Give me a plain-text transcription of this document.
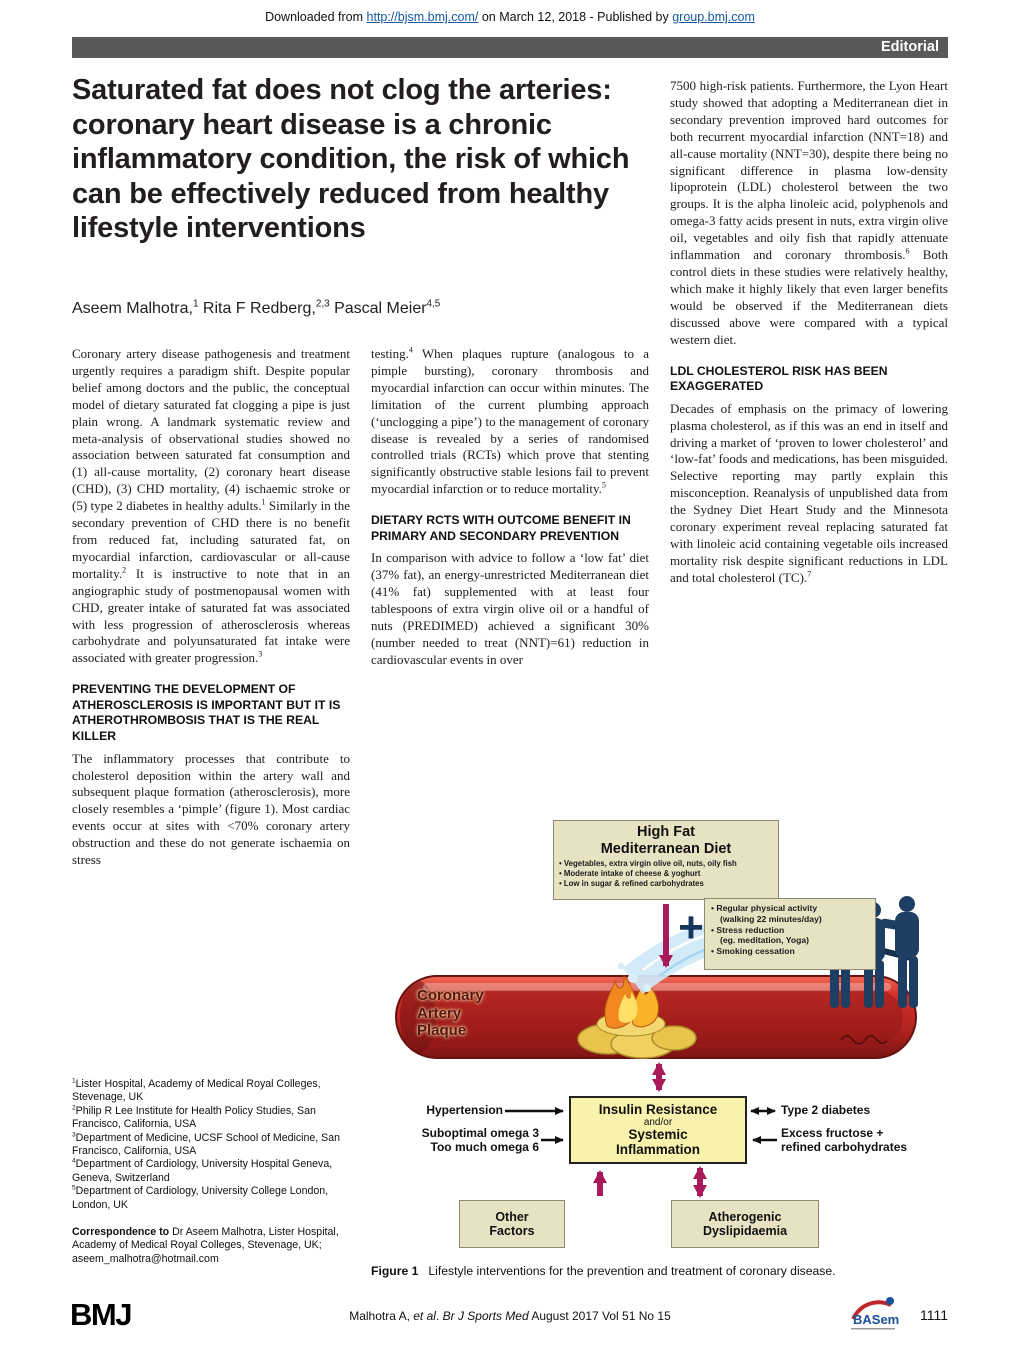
Downloaded from http://bjsm.bmj.com/ on March 12, 2018 - Published by group.bmj.com
Editorial
Saturated fat does not clog the arteries: coronary heart disease is a chronic inflammatory condition, the risk of which can be effectively reduced from healthy lifestyle interventions
Aseem Malhotra,$^1$ Rita F Redberg,$^{2,3}$ Pascal Meier$^{4,5}$

Coronary artery disease pathogenesis and treatment urgently requires a paradigm shift. Despite popular belief among doctors and the public, the conceptual model of dietary saturated fat clogging a pipe is just plain wrong. A landmark systematic review and meta-analysis of observational studies showed no association between saturated fat consumption and (1) all-cause mortality, (2) coronary heart disease (CHD), (3) CHD mortality, (4) ischaemic stroke or (5) type 2 diabetes in healthy adults.$^1$ Similarly in the secondary prevention of CHD there is no benefit from reduced fat, including saturated fat, on myocardial infarction, cardiovascular or all-cause mortality.$^2$ It is instructive to note that in an angiographic study of postmenopausal women with CHD, greater intake of saturated fat was associated with less progression of atherosclerosis whereas carbohydrate and polyunsaturated fat intake were associated with greater progression.$^3$

PREVENTING THE DEVELOPMENT OF ATHEROSCLEROSIS IS IMPORTANT BUT IT IS ATHEROTHROMBOSIS THAT IS THE REAL KILLER

The inflammatory processes that contribute to cholesterol deposition within the artery wall and subsequent plaque formation (atherosclerosis), more closely resembles a ‘pimple’ (figure 1). Most cardiac events occur at sites with <70% coronary artery obstruction and these do not generate ischaemia on stress

testing.$^4$ When plaques rupture (analogous to a pimple bursting), coronary thrombosis and myocardial infarction can occur within minutes. The limitation of the current plumbing approach (‘unclogging a pipe’) to the management of coronary disease is revealed by a series of randomised controlled trials (RCTs) which prove that stenting significantly obstructive stable lesions fail to prevent myocardial infarction or to reduce mortality.$^5$

DIETARY RCTS WITH OUTCOME BENEFIT IN PRIMARY AND SECONDARY PREVENTION

In comparison with advice to follow a ‘low fat’ diet (37% fat), an energy-unrestricted Mediterranean diet (41% fat) supplemented with at least four tablespoons of extra virgin olive oil or a handful of nuts (PREDIMED) achieved a significant 30% (number needed to treat (NNT)=61) reduction in cardiovascular events in over

7500 high-risk patients. Furthermore, the Lyon Heart study showed that adopting a Mediterranean diet in secondary prevention improved hard outcomes for both recurrent myocardial infarction (NNT=18) and all-cause mortality (NNT=30), despite there being no significant difference in plasma low-density lipoprotein (LDL) cholesterol between the two groups. It is the alpha linoleic acid, polyphenols and omega-3 fatty acids present in nuts, extra virgin olive oil, vegetables and oily fish that rapidly attenuate inflammation and coronary thrombosis.$^6$ Both control diets in these studies were relatively healthy, which make it highly likely that even larger benefits would be observed if the Mediterranean diets discussed above were compared with a typical western diet.

LDL CHOLESTEROL RISK HAS BEEN EXAGGERATED

Decades of emphasis on the primacy of lowering plasma cholesterol, as if this was an end in itself and driving a market of ‘proven to lower cholesterol’ and ‘low-fat’ foods and medications, has been misguided. Selective reporting may partly explain this misconception. Reanalysis of unpublished data from the Sydney Diet Heart Study and the Minnesota coronary experiment reveal replacing saturated fat with linoleic acid containing vegetable oils increased mortality risk despite significant reductions in LDL and total cholesterol (TC).$^7$

High Fat
Mediterranean Diet
• Vegetables, extra virgin olive oil, nuts, oily fish
• Moderate intake of cheese & yoghurt
• Low in sugar & refined carbohydrates
+	• Regular physical activity
(walking 22 minutes/day)
• Stress reduction
(eg. meditation, Yoga)
• Smoking cessation
Coronary
Artery
Plaque
Insulin Resistance
and/or
Systemic
Inflammation
Hypertension
Suboptimal omega 3
Too much omega 6
Type 2 diabetes
Excess fructose +
refined carbohydrates
Other
Factors
Atherogenic
Dyslipidaemia
Figure 1 Lifestyle interventions for the prevention and treatment of coronary disease.
$^1$Lister Hospital, Academy of Medical Royal Colleges, Stevenage, UK
$^2$Philip R Lee Institute for Health Policy Studies, San Francisco, California, USA
$^3$Department of Medicine, UCSF School of Medicine, San Francisco, California, USA
$^4$Department of Cardiology, University Hospital Geneva, Geneva, Switzerland
$^5$Department of Cardiology, University College London, London, UK
Correspondence to Dr Aseem Malhotra, Lister Hospital, Academy of Medical Royal Colleges, Stevenage, UK; aseem_malhotra@hotmail.com
BMJ	Malhotra A, et al. Br J Sports Med August 2017 Vol 51 No 15	1111
BASem
